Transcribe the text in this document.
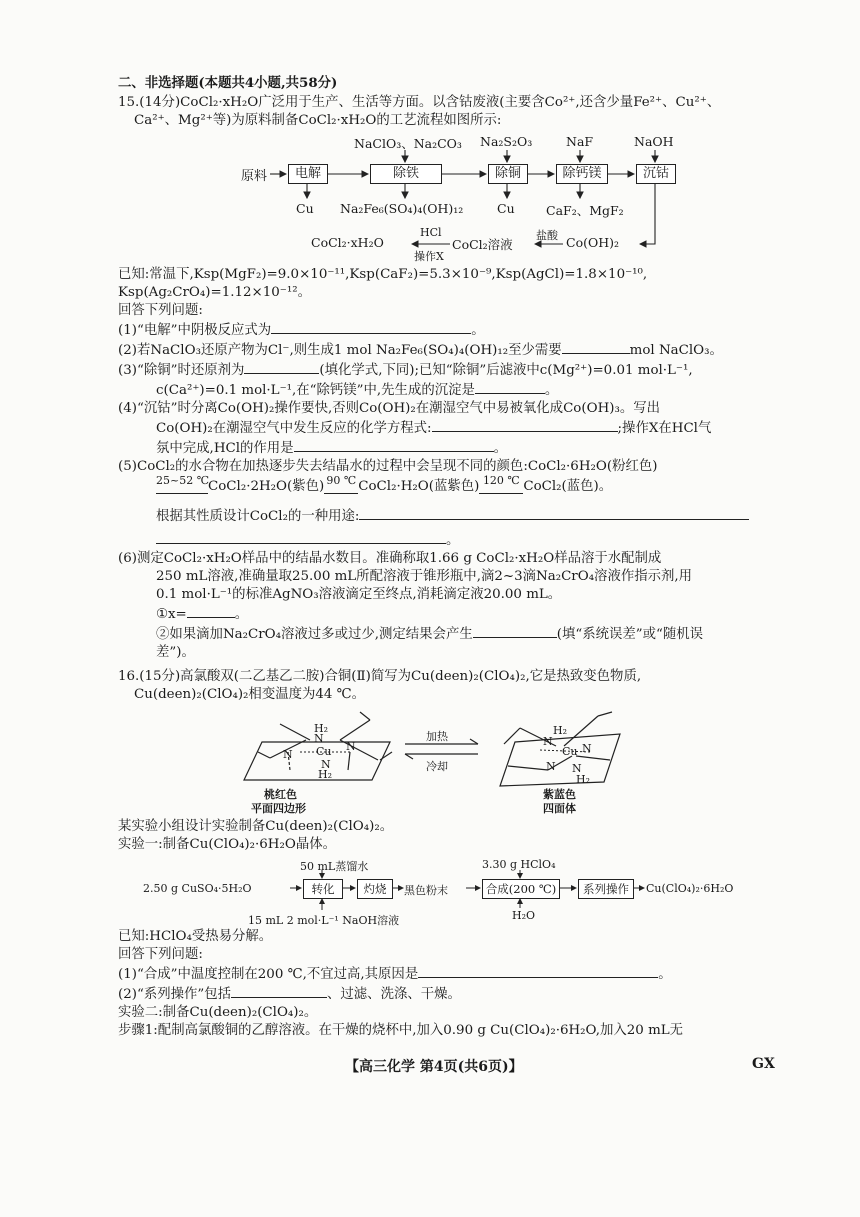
二、非选择题(本题共4小题,共58分)
15.(14分)CoCl₂·xH₂O广泛用于生产、生活等方面。以含钴废液(主要含Co²⁺,还含少量Fe²⁺、Cu²⁺、
Ca²⁺、Mg²⁺等)为原料制备CoCl₂·xH₂O的工艺流程如图所示:
NaClO₃、Na₂CO₃ Na₂S₂O₃	NaF	NaOH
原料	电解	除铁	除铜	除钙镁	沉钴
Cu Na₂Fe₆(SO₄)₄(OH)₁₂	Cu	CaF₂、MgF₂
CoCl₂·xH₂O
HCl
操作X
CoCl₂溶液
盐酸 Co(OH)₂
已知:常温下,Ksp(MgF₂)=9.0×10⁻¹¹,Ksp(CaF₂)=5.3×10⁻⁹,Ksp(AgCl)=1.8×10⁻¹⁰,
Ksp(Ag₂CrO₄)=1.12×10⁻¹²。
回答下列问题:
(1)“电解”中阴极反应式为	。
(2)若NaClO₃还原产物为Cl⁻,则生成1 mol Na₂Fe₆(SO₄)₄(OH)₁₂至少需要	mol NaClO₃。
(3)“除铜”时还原剂为	(填化学式,下同);已知“除铜”后滤液中c(Mg²⁺)=0.01 mol·L⁻¹,
c(Ca²⁺)=0.1 mol·L⁻¹,在“除钙镁”中,先生成的沉淀是	。
(4)“沉钴”时分离Co(OH)₂操作要快,否则Co(OH)₂在潮湿空气中易被氧化成Co(OH)₃。写出
Co(OH)₂在潮湿空气中发生反应的化学方程式:	;操作X在HCl气
氛中完成,HCl的作用是	。
(5)CoCl₂的水合物在加热逐步失去结晶水的过程中会呈现不同的颜色:CoCl₂·6H₂O(粉红色)
$^{25\sim 52 ℃}$
CoCl₂·2H₂O(紫色) $^{90 ℃}$ CoCl₂·H₂O(蓝紫色) $^{120 ℃}$ CoCl₂(蓝色)。
根据其性质设计CoCl₂的一种用途:
。
(6)测定CoCl₂·xH₂O样品中的结晶水数目。准确称取1.66 g CoCl₂·xH₂O样品溶于水配制成
250 mL溶液,准确量取25.00 mL所配溶液于锥形瓶中,滴2~3滴Na₂CrO₄溶液作指示剂,用
0.1 mol·L⁻¹的标准AgNO₃溶液滴定至终点,消耗滴定液20.00 mL。
①x=	。
②如果滴加Na₂CrO₄溶液过多或过少,测定结果会产生	(填“系统误差”或“随机误
差”)。
16.(15分)高氯酸双(二乙基乙二胺)合铜(Ⅱ)简写为Cu(deen)₂(ClO₄)₂,它是热致变色物质,
Cu(deen)₂(ClO₄)₂相变温度为44 ℃。
Cu
H₂
N
N
N
N
H₂
H₂
N
Cu N
N N
H₂
加热
冷却
桃红色
平面四边形
紫蓝色
四面体
某实验小组设计实验制备Cu(deen)₂(ClO₄)₂。
实验一:制备Cu(ClO₄)₂·6H₂O晶体。
50 mL蒸馏水	3.30 g HClO₄
2.50 g CuSO₄·5H₂O	转化	灼烧	黑色粉末	合成(200 ℃)	系列操作	Cu(ClO₄)₂·6H₂O
15 mL 2 mol·L⁻¹ NaOH溶液	H₂O
已知:HClO₄受热易分解。
回答下列问题:
(1)“合成”中温度控制在200 ℃,不宜过高,其原因是	。
(2)“系列操作”包括	、过滤、洗涤、干燥。
实验二:制备Cu(deen)₂(ClO₄)₂。
步骤1:配制高氯酸铜的乙醇溶液。在干燥的烧杯中,加入0.90 g Cu(ClO₄)₂·6H₂O,加入20 mL无
【高三化学 第4页(共6页)】	GX
